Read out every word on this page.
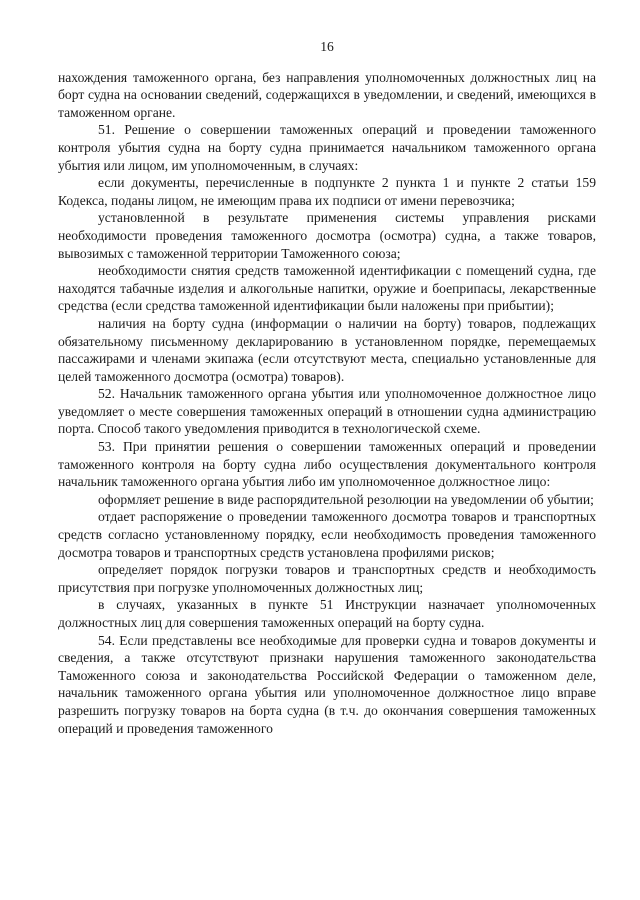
16

нахождения таможенного органа, без направления уполномоченных должностных лиц на борт судна на основании сведений, содержащихся в уведомлении, и сведений, имеющихся в таможенном органе.

51. Решение о совершении таможенных операций и проведении таможенного контроля убытия судна на борту судна принимается начальником таможенного органа убытия или лицом, им уполномоченным, в случаях:

если документы, перечисленные в подпункте 2 пункта 1 и пункте 2 статьи 159 Кодекса, поданы лицом, не имеющим права их подписи от имени перевозчика;

установленной в результате применения системы управления рисками необходимости проведения таможенного досмотра (осмотра) судна, а также товаров, вывозимых с таможенной территории Таможенного союза;

необходимости снятия средств таможенной идентификации с помещений судна, где находятся табачные изделия и алкогольные напитки, оружие и боеприпасы, лекарственные средства (если средства таможенной идентификации были наложены при прибытии);

наличия на борту судна (информации о наличии на борту) товаров, подлежащих обязательному письменному декларированию в установленном порядке, перемещаемых пассажирами и членами экипажа (если отсутствуют места, специально установленные для целей таможенного досмотра (осмотра) товаров).

52. Начальник таможенного органа убытия или уполномоченное должностное лицо уведомляет о месте совершения таможенных операций в отношении судна администрацию порта. Способ такого уведомления приводится в технологической схеме.

53. При принятии решения о совершении таможенных операций и проведении таможенного контроля на борту судна либо осуществления документального контроля начальник таможенного органа убытия либо им уполномоченное должностное лицо:

оформляет решение в виде распорядительной резолюции на уведомлении об убытии;

отдает распоряжение о проведении таможенного досмотра товаров и транспортных средств согласно установленному порядку, если необходимость проведения таможенного досмотра товаров и транспортных средств установлена профилями рисков;

определяет порядок погрузки товаров и транспортных средств и необходимость присутствия при погрузке уполномоченных должностных лиц;

в случаях, указанных в пункте 51 Инструкции назначает уполномоченных должностных лиц для совершения таможенных операций на борту судна.

54. Если представлены все необходимые для проверки судна и товаров документы и сведения, а также отсутствуют признаки нарушения таможенного законодательства Таможенного союза и законодательства Российской Федерации о таможенном деле, начальник таможенного органа убытия или уполномоченное должностное лицо вправе разрешить погрузку товаров на борта судна (в т.ч. до окончания совершения таможенных операций и проведения таможенного
